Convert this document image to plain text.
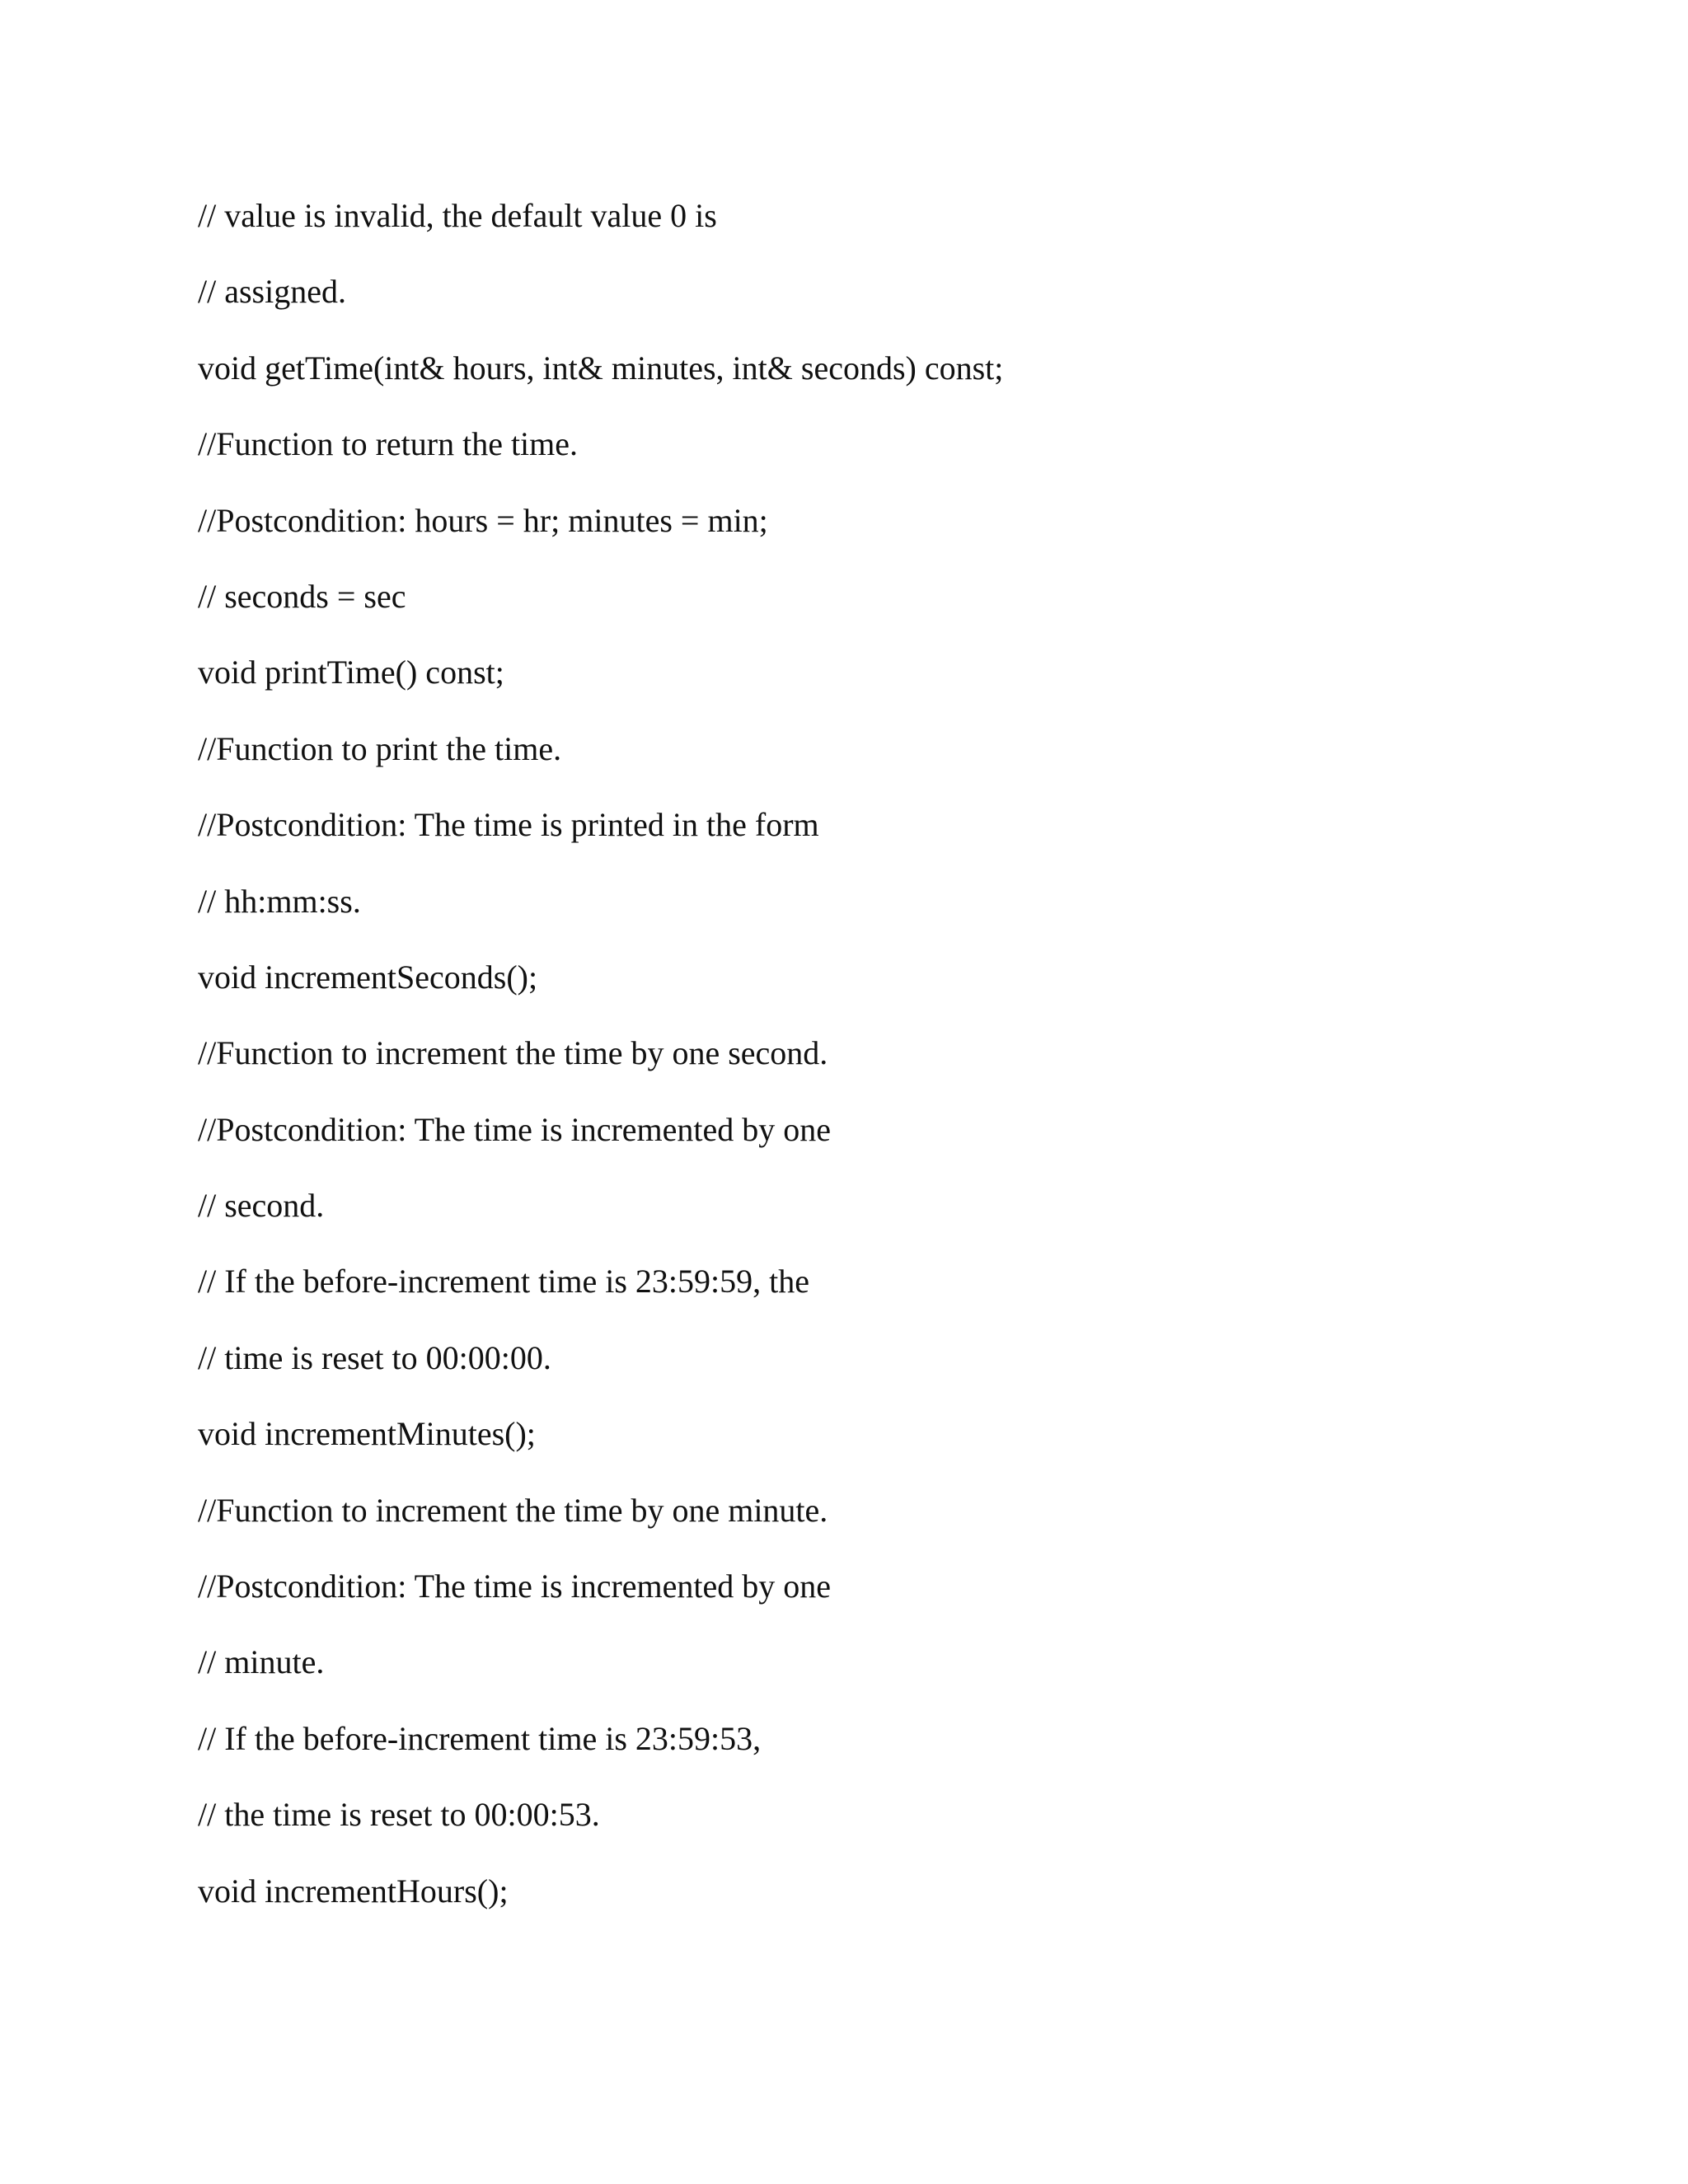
// value is invalid, the default value 0 is
// assigned.
void getTime(int& hours, int& minutes, int& seconds) const;
//Function to return the time.
//Postcondition: hours = hr; minutes = min;
// seconds = sec
void printTime() const;
//Function to print the time.
//Postcondition: The time is printed in the form
// hh:mm:ss.
void incrementSeconds();
//Function to increment the time by one second.
//Postcondition: The time is incremented by one
// second.
// If the before-increment time is 23:59:59, the
// time is reset to 00:00:00.
void incrementMinutes();
//Function to increment the time by one minute.
//Postcondition: The time is incremented by one
// minute.
// If the before-increment time is 23:59:53,
// the time is reset to 00:00:53.
void incrementHours();
